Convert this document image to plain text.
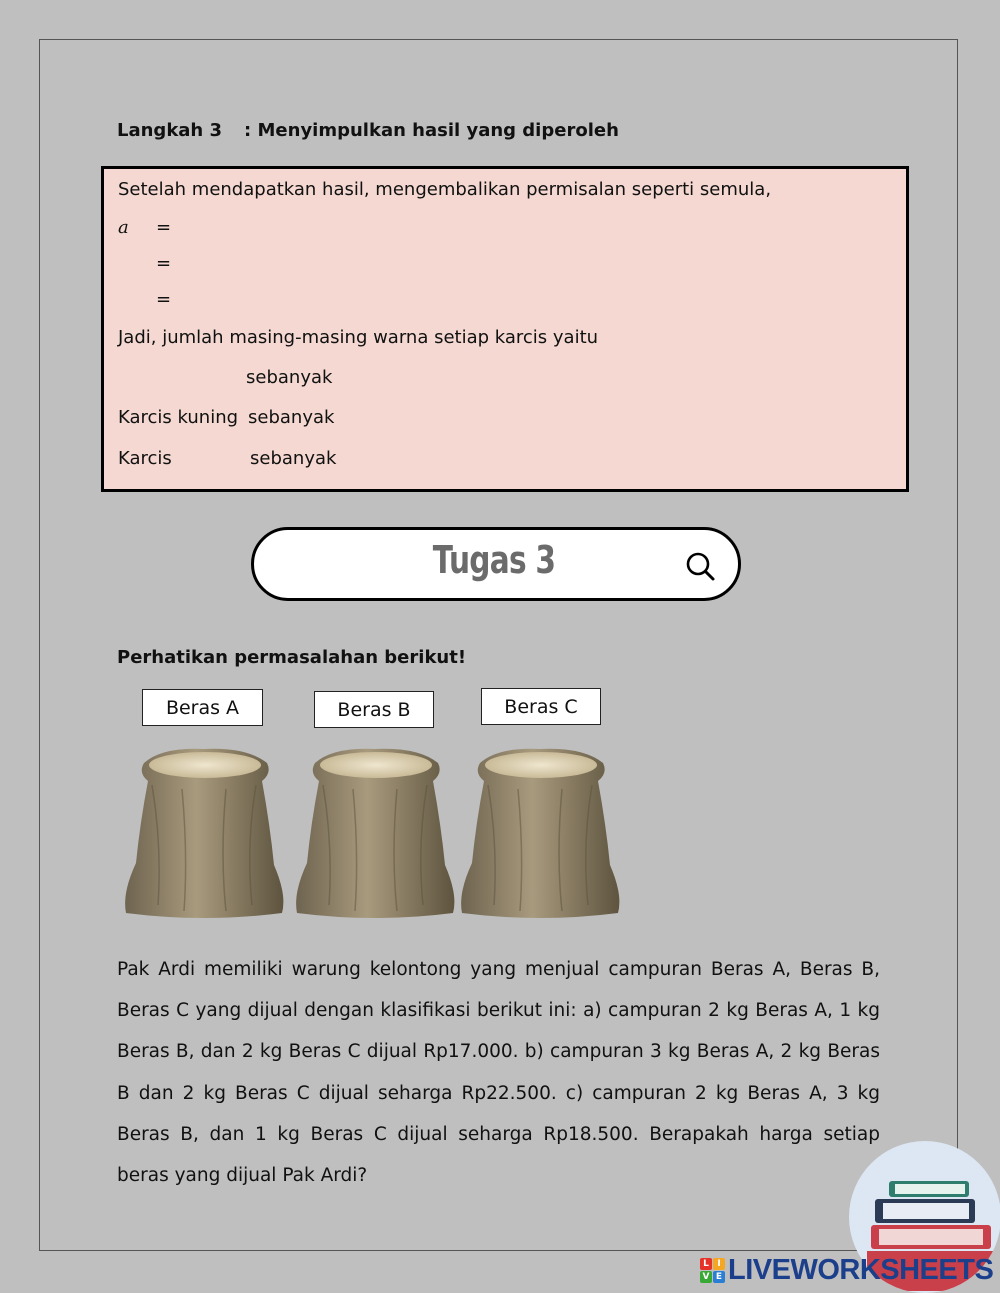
Langkah 3 : Menyimpulkan hasil yang diperoleh
Setelah mendapatkan hasil, mengembalikan permisalan seperti semula,
a =
=
=
Jadi, jumlah masing-masing warna setiap karcis yaitu
sebanyak
Karcis kuning sebanyak
Karcis	sebanyak
Tugas 3
Perhatikan permasalahan berikut!
Beras A	Beras B	Beras C

Pak Ardi memiliki warung kelontong yang menjual campuran Beras A, Beras B, Beras C yang dijual dengan klasifikasi berikut ini: a) campuran 2 kg Beras A, 1 kg Beras B, dan 2 kg Beras C dijual Rp17.000. b) campuran 3 kg Beras A, 2 kg Beras B dan 2 kg Beras C dijual seharga Rp22.500. c) campuran 2 kg Beras A, 3 kg Beras B, dan 1 kg Beras C dijual seharga Rp18.500. Berapakah harga setiap beras yang dijual Pak Ardi?

L I
V E LIVEWORKSHEETS
